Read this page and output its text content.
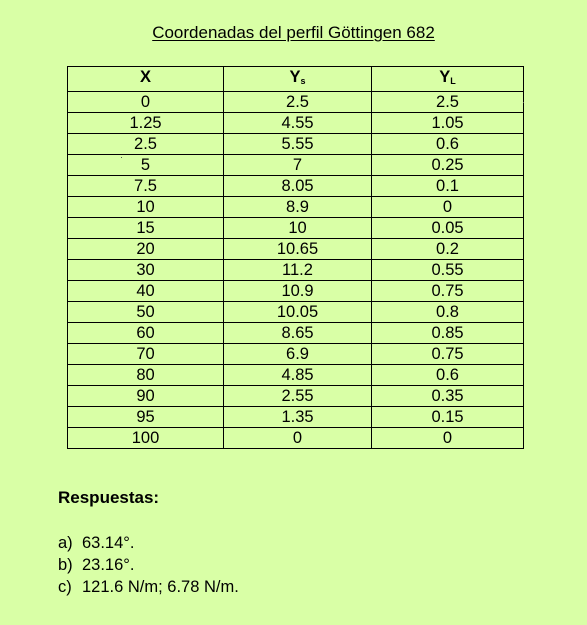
Coordenadas del perfil Göttingen 682
X	$Y_s$	$Y_L$
0	2.5	2.5
1.25	4.55	1.05
2.5	5.55	0.6
5	7	0.25
7.5	8.05	0.1
10	8.9	0
15	10	0.05
20	10.65	0.2
30	11.2	0.55
40	10.9	0.75
50	10.05	0.8
60	8.65	0.85
70	6.9	0.75
80	4.85	0.6
90	2.55	0.35
95	1.35	0.15
100	0	0
Respuestas:
a) 63.14°.
b) 23.16°.
c) 121.6 N/m; 6.78 N/m.
